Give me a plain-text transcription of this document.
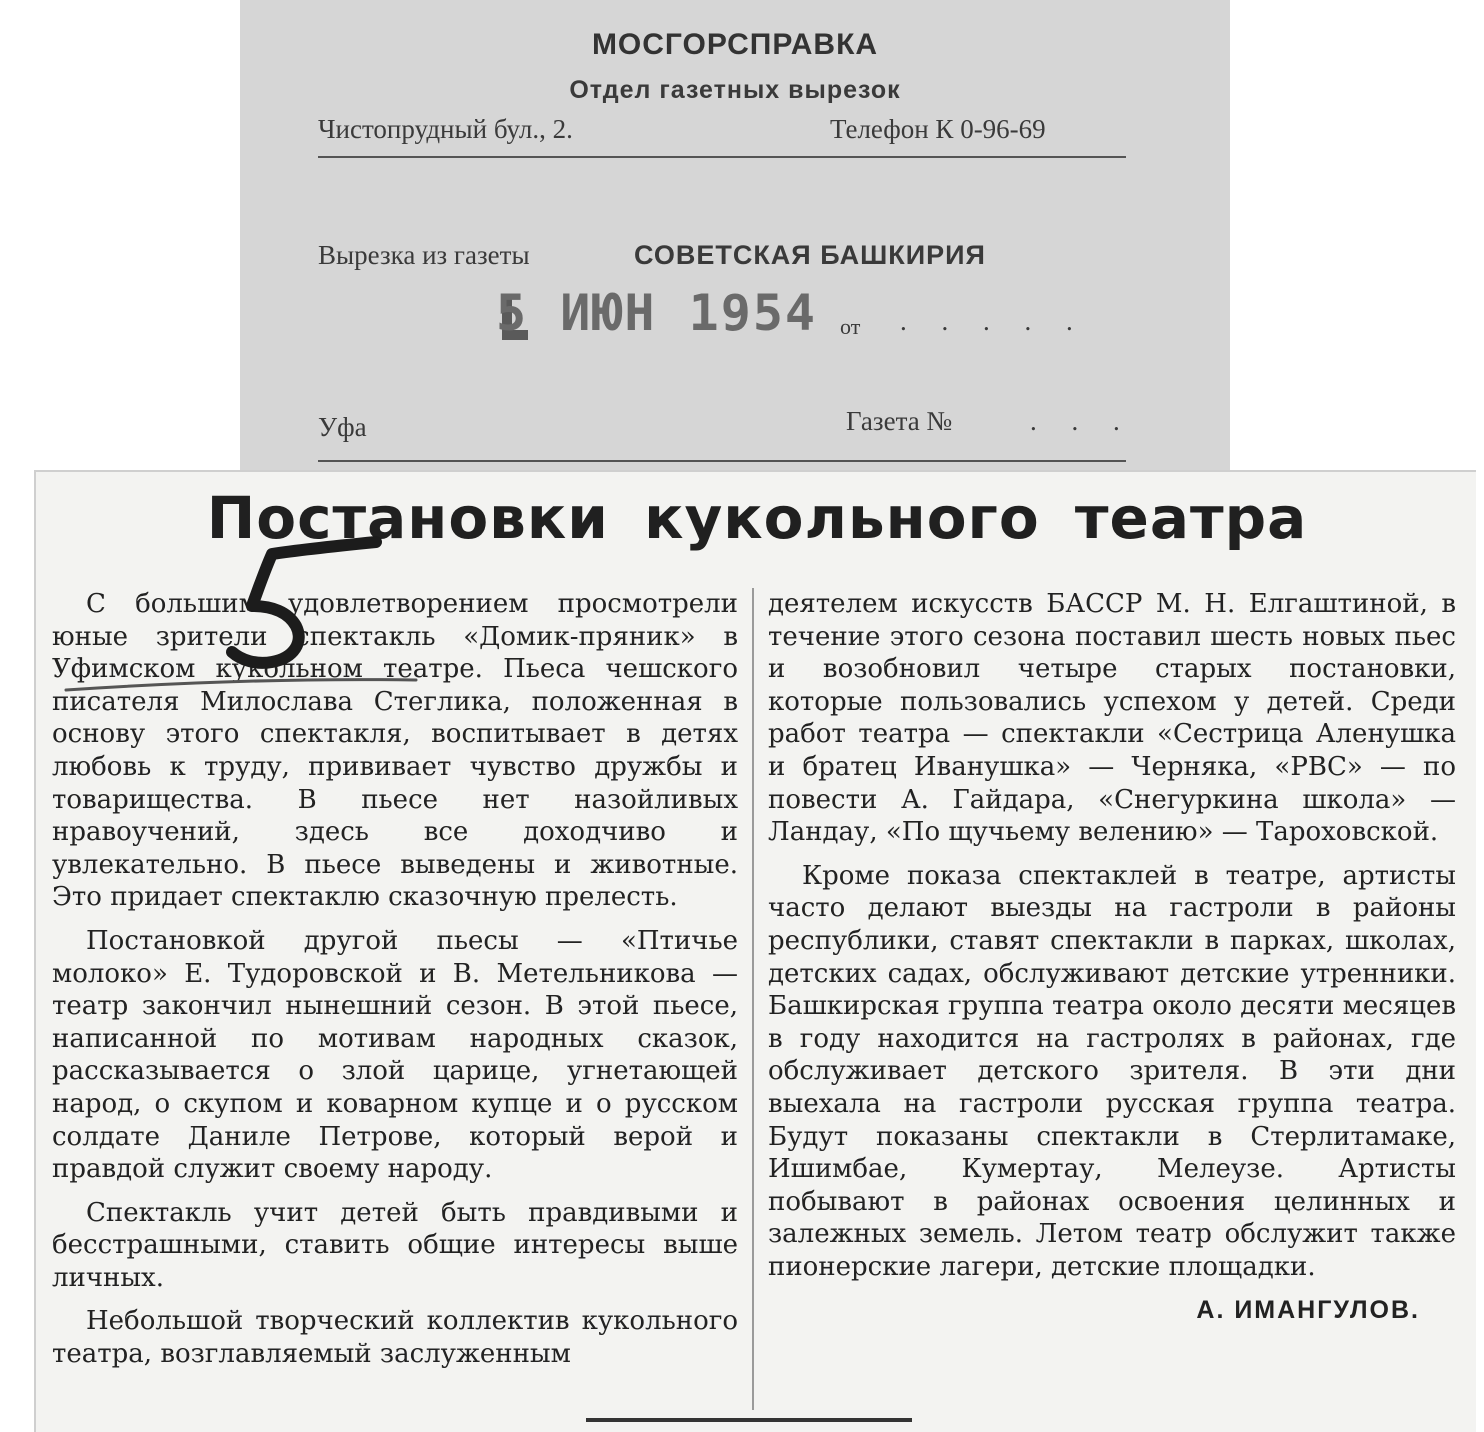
МОСГОРСПРАВКА
Отдел газетных вырезок
Чистопрудный бул., 2.	Телефон К 0-96-69
Вырезка из газеты	СОВЕТСКАЯ БАШКИРИЯ
5 ИЮН 1954 от . . . . .
Уфа	Газета №	. . .
Постановки кукольного театра

С большим удовлетворением просмотрели юные зрители спектакль «Домик-пряник» в Уфимском кукольном театре. Пьеса чешского писателя Милослава Стеглика, положенная в основу этого спектакля, воспитывает в детях любовь к труду, прививает чувство дружбы и товарищества. В пьесе нет назойливых нравоучений, здесь все доходчиво и увлекательно. В пьесе выведены и животные. Это придает спектаклю сказочную прелесть.

Постановкой другой пьесы — «Птичье молоко» Е. Тудоровской и В. Метельникова — театр закончил нынешний сезон. В этой пьесе, написанной по мотивам народных сказок, рассказывается о злой царице, угнетающей народ, о скупом и коварном купце и о русском солдате Даниле Петрове, который верой и правдой служит своему народу.

Спектакль учит детей быть правдивыми и бесстрашными, ставить общие интересы выше личных.

Небольшой творческий коллектив кукольного театра, возглавляемый заслуженным

деятелем искусств БАССР М. Н. Елгаштиной, в течение этого сезона поставил шесть новых пьес и возобновил четыре старых постановки, которые пользовались успехом у детей. Среди работ театра — спектакли «Сестрица Аленушка и братец Иванушка» — Черняка, «РВС» — по повести А. Гайдара, «Снегуркина школа» — Ландау, «По щучьему велению» — Тароховской.

Кроме показа спектаклей в театре, артисты часто делают выезды на гастроли в районы республики, ставят спектакли в парках, школах, детских садах, обслуживают детские утренники. Башкирская группа театра около десяти месяцев в году находится на гастролях в районах, где обслуживает детского зрителя. В эти дни выехала на гастроли русская группа театра. Будут показаны спектакли в Стерлитамаке, Ишимбае, Кумертау, Мелеузе. Артисты побывают в районах освоения целинных и залежных земель. Летом театр обслужит также пионерские лагери, детские площадки.

А. ИМАНГУЛОВ.
